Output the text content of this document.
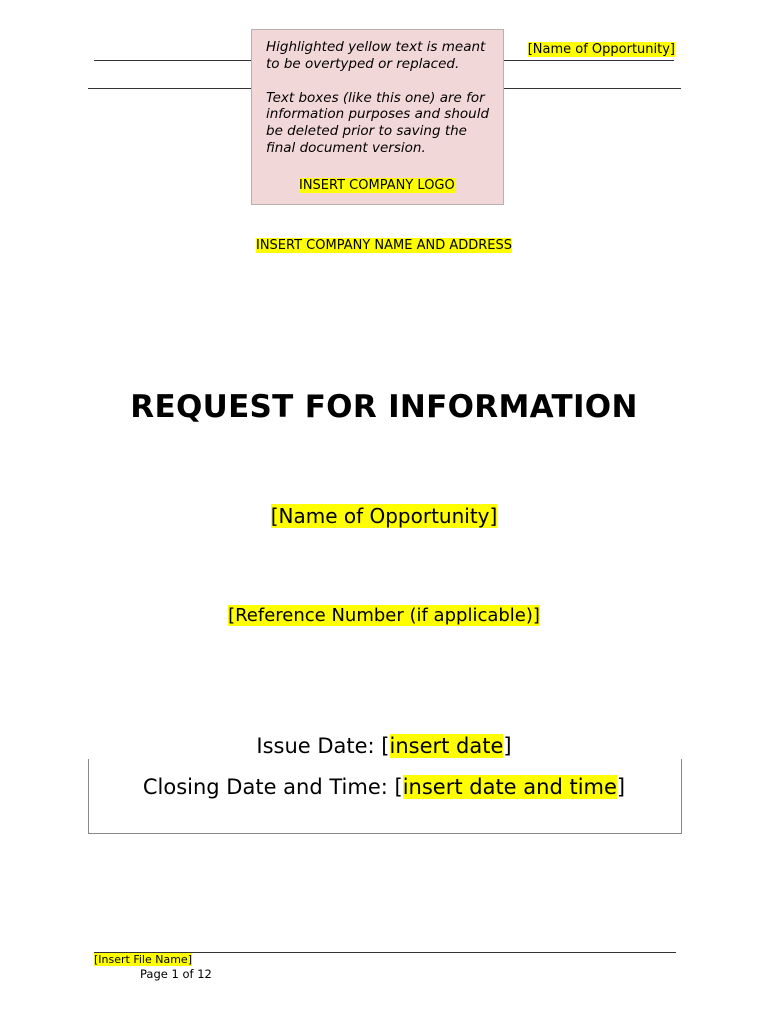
[Name of Opportunity]

Highlighted yellow text is meant to be overtyped or replaced.

Text boxes (like this one) are for information purposes and should be deleted prior to saving the final document version.

INSERT COMPANY LOGO
INSERT COMPANY NAME AND ADDRESS
REQUEST FOR INFORMATION
[Name of Opportunity]
[Reference Number (if applicable)]
Issue Date: [insert date]
Closing Date and Time: [insert date and time]
[Insert File Name]
Page 1 of 12
